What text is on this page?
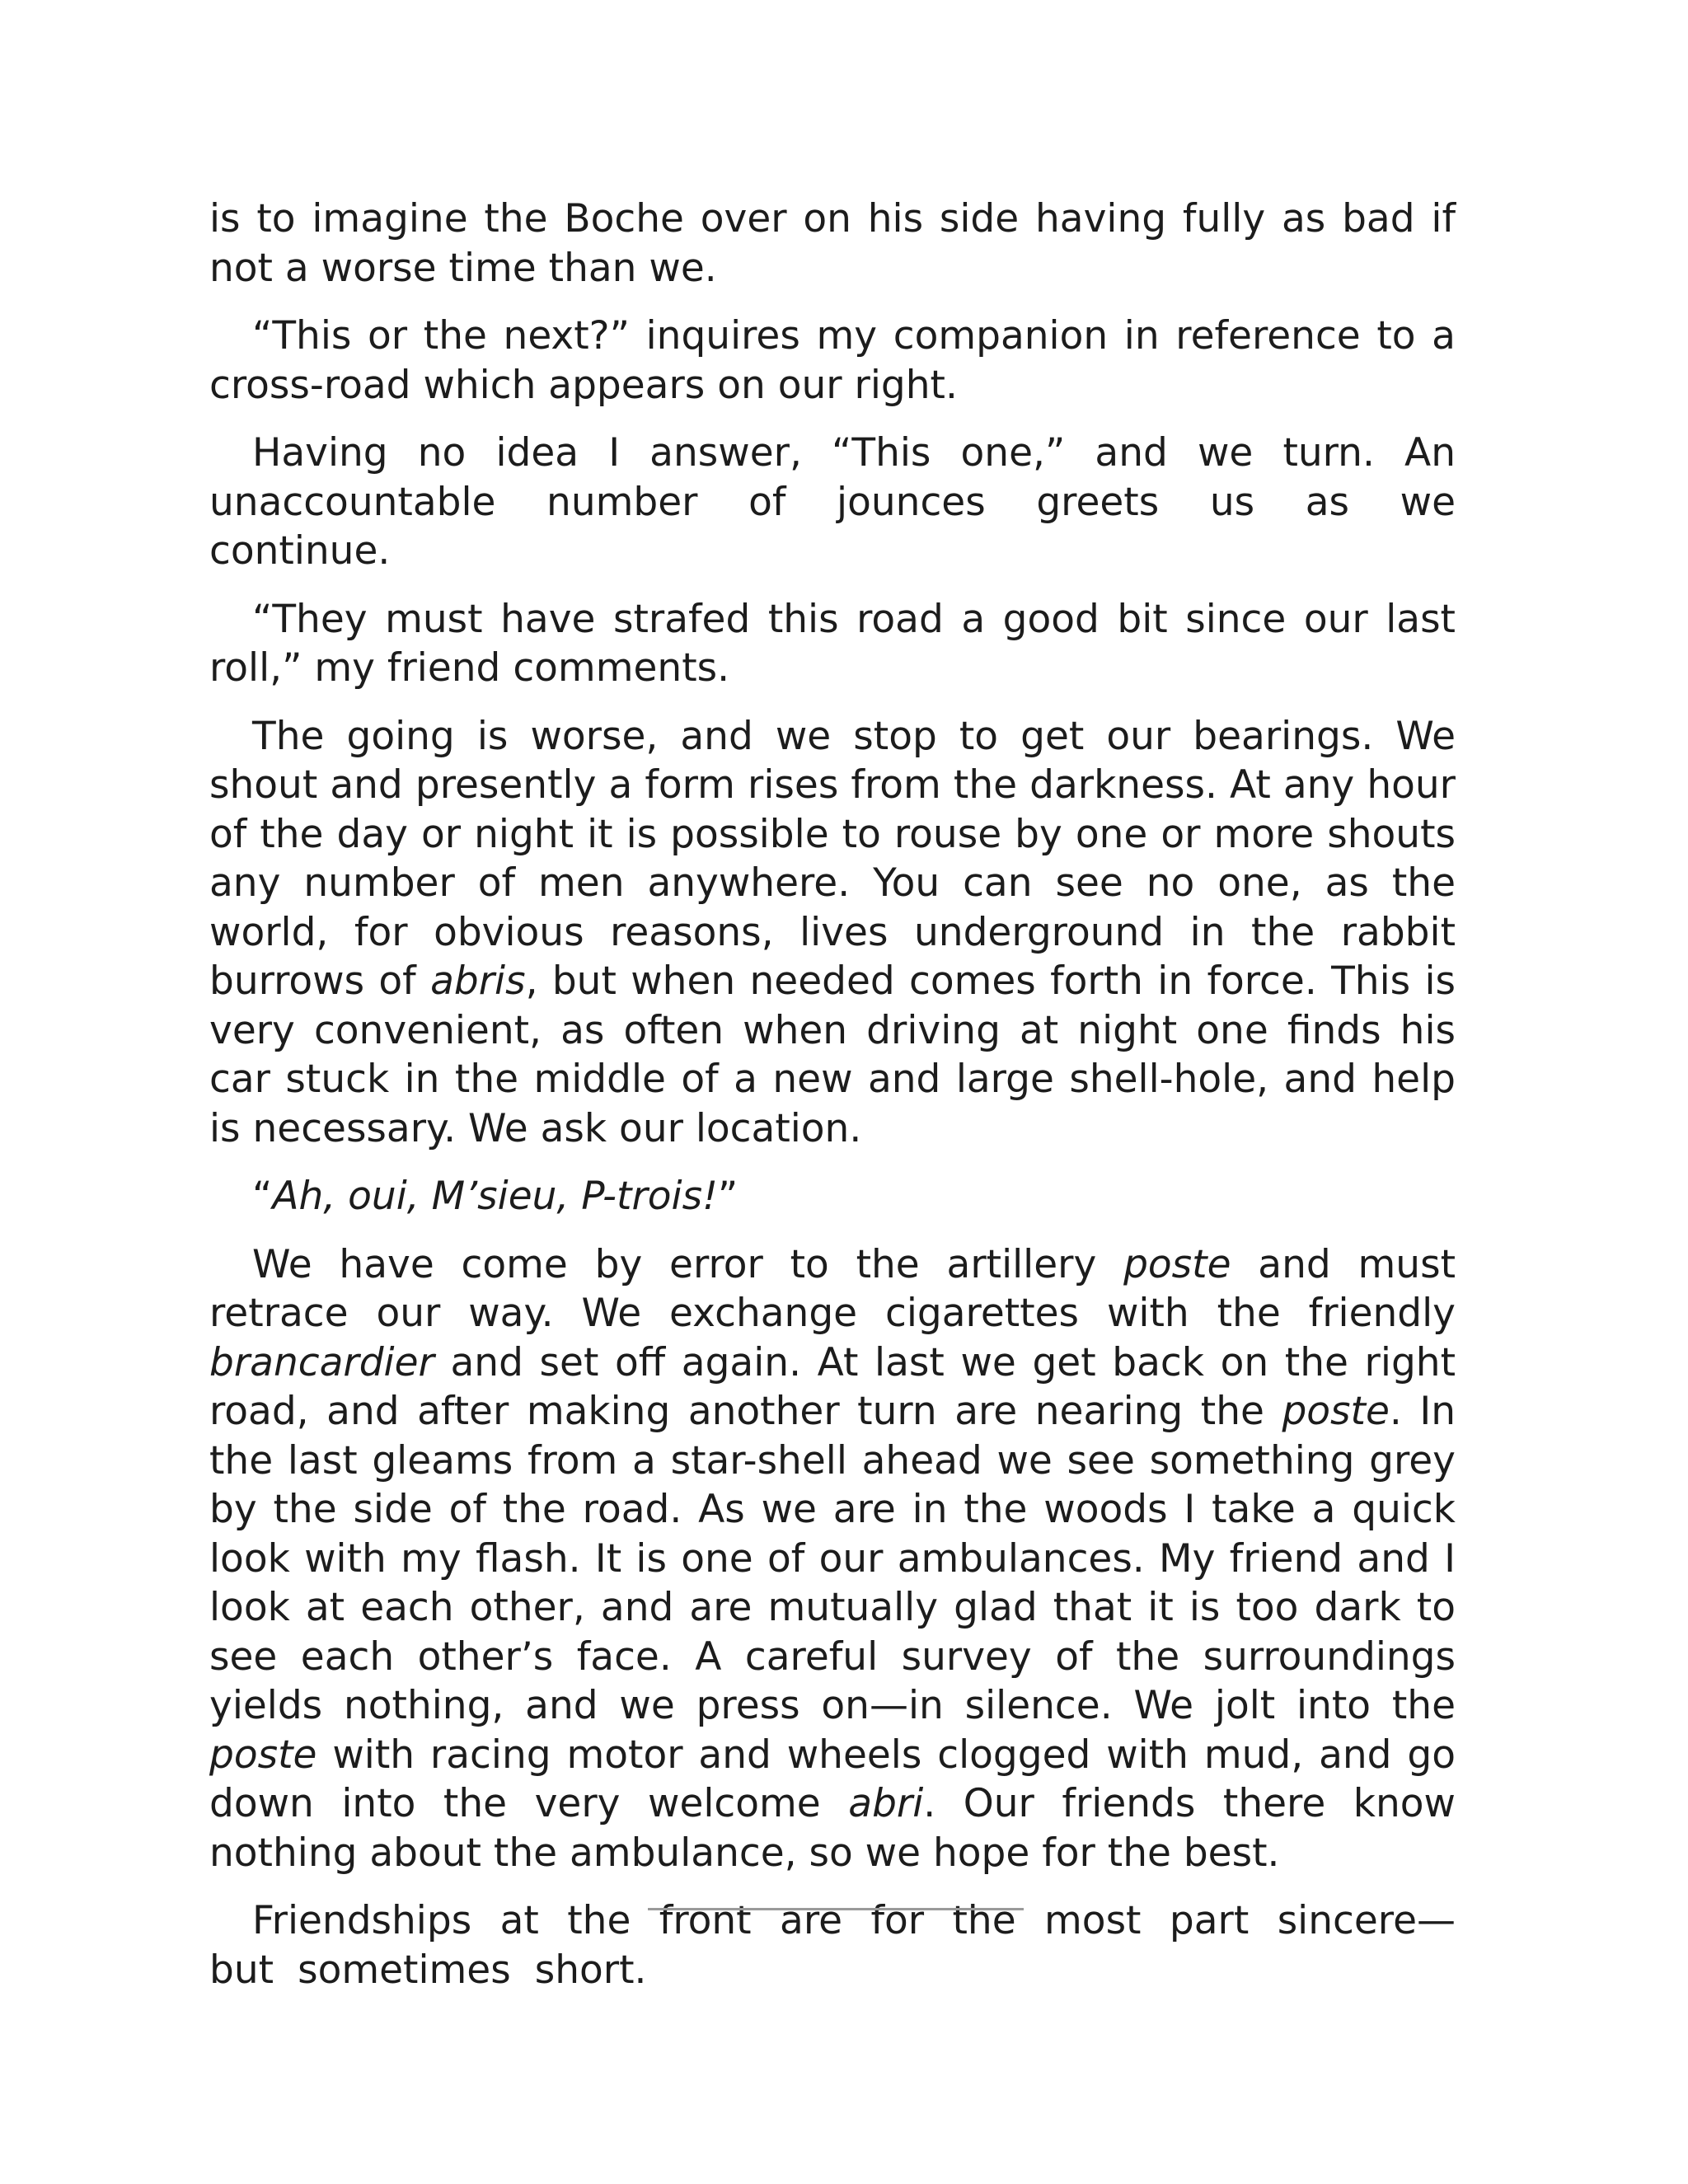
is to imagine the Boche over on his side having fully as bad if not a worse time than we.

“This or the next?” inquires my companion in reference to a cross-road which appears on our right.

Having no idea I answer, “This one,” and we turn. An unaccountable number of jounces greets us as we continue.

“They must have strafed this road a good bit since our last roll,” my friend comments.

The going is worse, and we stop to get our bearings. We shout and presently a form rises from the darkness. At any hour of the day or night it is possible to rouse by one or more shouts any number of men anywhere. You can see no one, as the world, for obvious reasons, lives underground in the rabbit burrows of abris, but when needed comes forth in force. This is very convenient, as often when driving at night one finds his car stuck in the middle of a new and large shell-hole, and help is necessary. We ask our location.

“Ah, oui, M’sieu, P-trois!”

We have come by error to the artillery poste and must retrace our way. We exchange cigarettes with the friendly brancardier and set off again. At last we get back on the right road, and after making another turn are nearing the poste. In the last gleams from a star-shell ahead we see something grey by the side of the road. As we are in the woods I take a quick look with my flash. It is one of our ambulances. My friend and I look at each other, and are mutually glad that it is too dark to see each other’s face. A careful survey of the surroundings yields nothing, and we press on—in silence. We jolt into the poste with racing motor and wheels clogged with mud, and go down into the very welcome abri. Our friends there know nothing about the ambulance, so we hope for the best.

Friendships at the front are for the most part sincere—but sometimes short.
